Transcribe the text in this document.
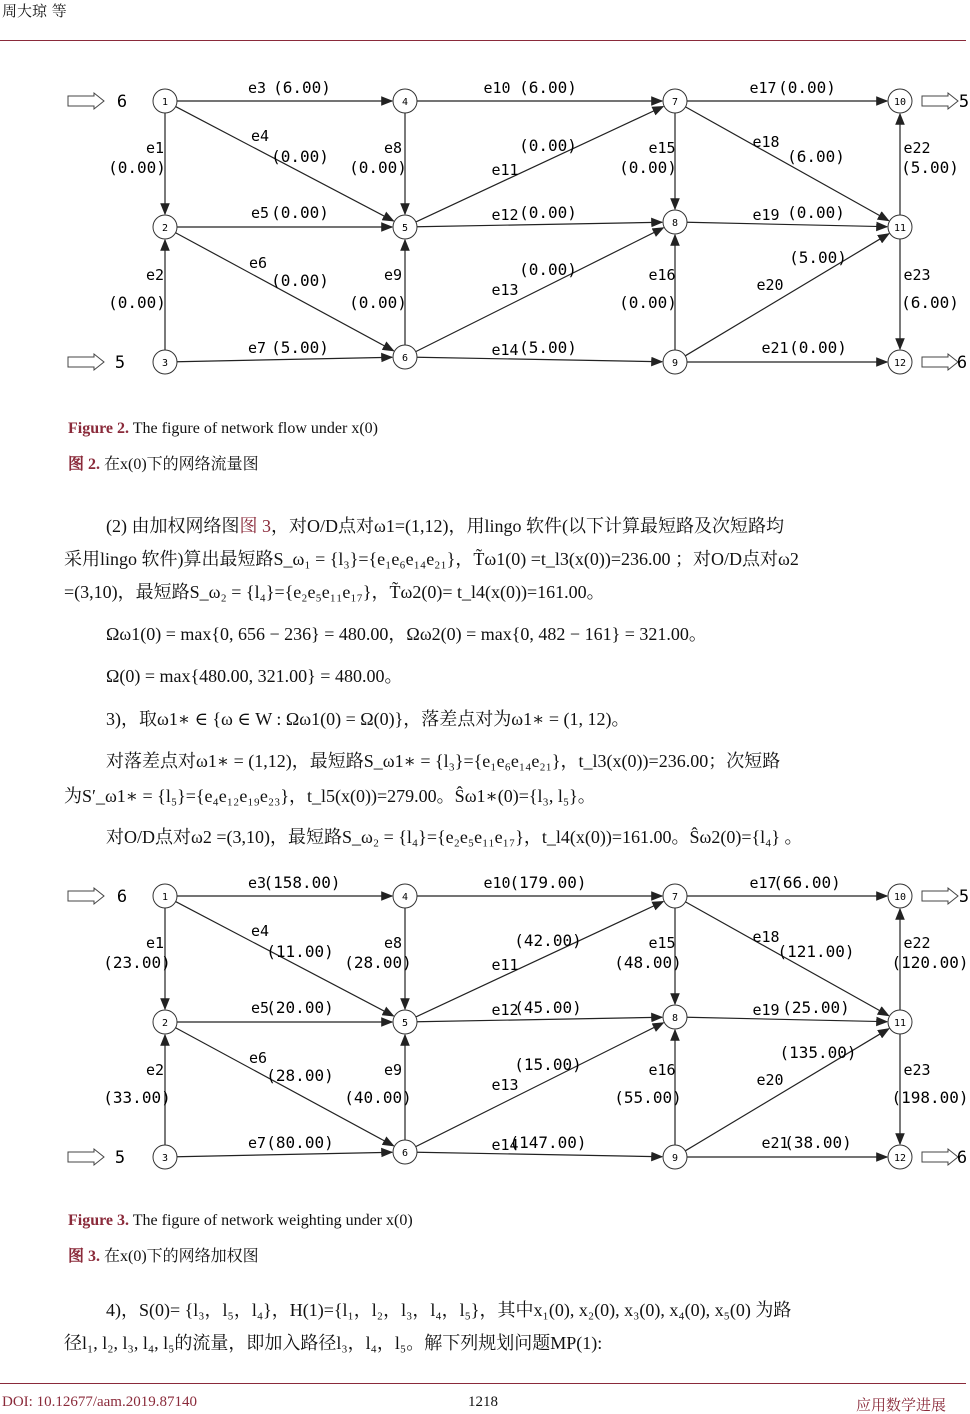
周大琼 等
e1
(0.00)
e2
(0.00)
e3 (6.00)
e4
(0.00)
e5 (0.00)
e6
(0.00)
e7 (5.00)
e8
(0.00)
e9
(0.00)
e10 (6.00)
e11
(0.00)
e12 (0.00)
e13
(0.00)
e14 (5.00)
e15
(0.00)
e16
(0.00)
e17 (0.00)
e18
(6.00)
e19 (0.00)
e20
(5.00)
e21 (0.00)
e22
(5.00)
e23
(6.00)
1
2
3
4
5
6
7
8
9
10
11
12
6
5
5
6
Figure 2. The figure of network flow under x(0)
图 2. 在x(0)下的网络流量图
(2) 由加权网络图图 3，对O/D点对ω1=(1,12)，用lingo 软件(以下计算最短路及次短路均
采用lingo 软件)算出最短路S_ω₁ = {l₃}={e₁e₆e₁₄e₂₁}，T̃ω1(0) =t_l3(x(0))=236.00 ；对O/D点对ω2
=(3,10)，最短路S_ω₂ = {l₄}={e₂e₅e₁₁e₁₇}，T̃ω2(0)= t_l4(x(0))=161.00。
Ωω1(0) = max{0, 656 − 236} = 480.00，Ωω2(0) = max{0, 482 − 161} = 321.00。
Ω(0) = max{480.00, 321.00} = 480.00。
3)，取ω1∗ ∈ {ω ∈ W : Ωω1(0) = Ω(0)}，落差点对为ω1∗ = (1, 12)。
对落差点对ω1∗ = (1,12)，最短路S_ω1∗ = {l₃}={e₁e₆e₁₄e₂₁}，t_l3(x(0))=236.00；次短路
为S′_ω1∗ = {l₅}={e₄e₁₂e₁₉e₂₃}，t_l5(x(0))=279.00。Ŝω1∗(0)={l₃, l₅}。
对O/D点对ω2 =(3,10)，最短路S_ω₂ = {l₄}={e₂e₅e₁₁e₁₇}，t_l4(x(0))=161.00。Ŝω2(0)={l₄} 。
e1
(23.00)
e2
(33.00)
e3
(158.00)
e4
(11.00)
e5
(20.00)
e6
(28.00)
e7 (80.00)
e8
(28.00)
e9
(40.00)
e10
(179.00)
e11
(42.00)
e12
(45.00)
e13
(15.00)
e14
(147.00)
e15
(48.00)
e16
(55.00)
e17
(66.00)
e18
(121.00)
e19 (25.00)
e20
(135.00)
e21
(38.00)
e22
(120.00)
e23
(198.00)
1
2
3
4
5
6
7
8
9
10
11
12
6
5
5
6
Figure 3. The figure of network weighting under x(0)
图 3. 在x(0)下的网络加权图
4)，S(0)= {l₃，l₅，l₄}，H(1)={l₁，l₂，l₃，l₄，l₅}，其中x₁(0), x₂(0), x₃(0), x₄(0), x₅(0) 为路
径l₁, l₂, l₃, l₄, l₅的流量，即加入路径l₃，l₄，l₅。解下列规划问题MP(1):
DOI: 10.12677/aam.2019.87140	1218	应用数学进展
